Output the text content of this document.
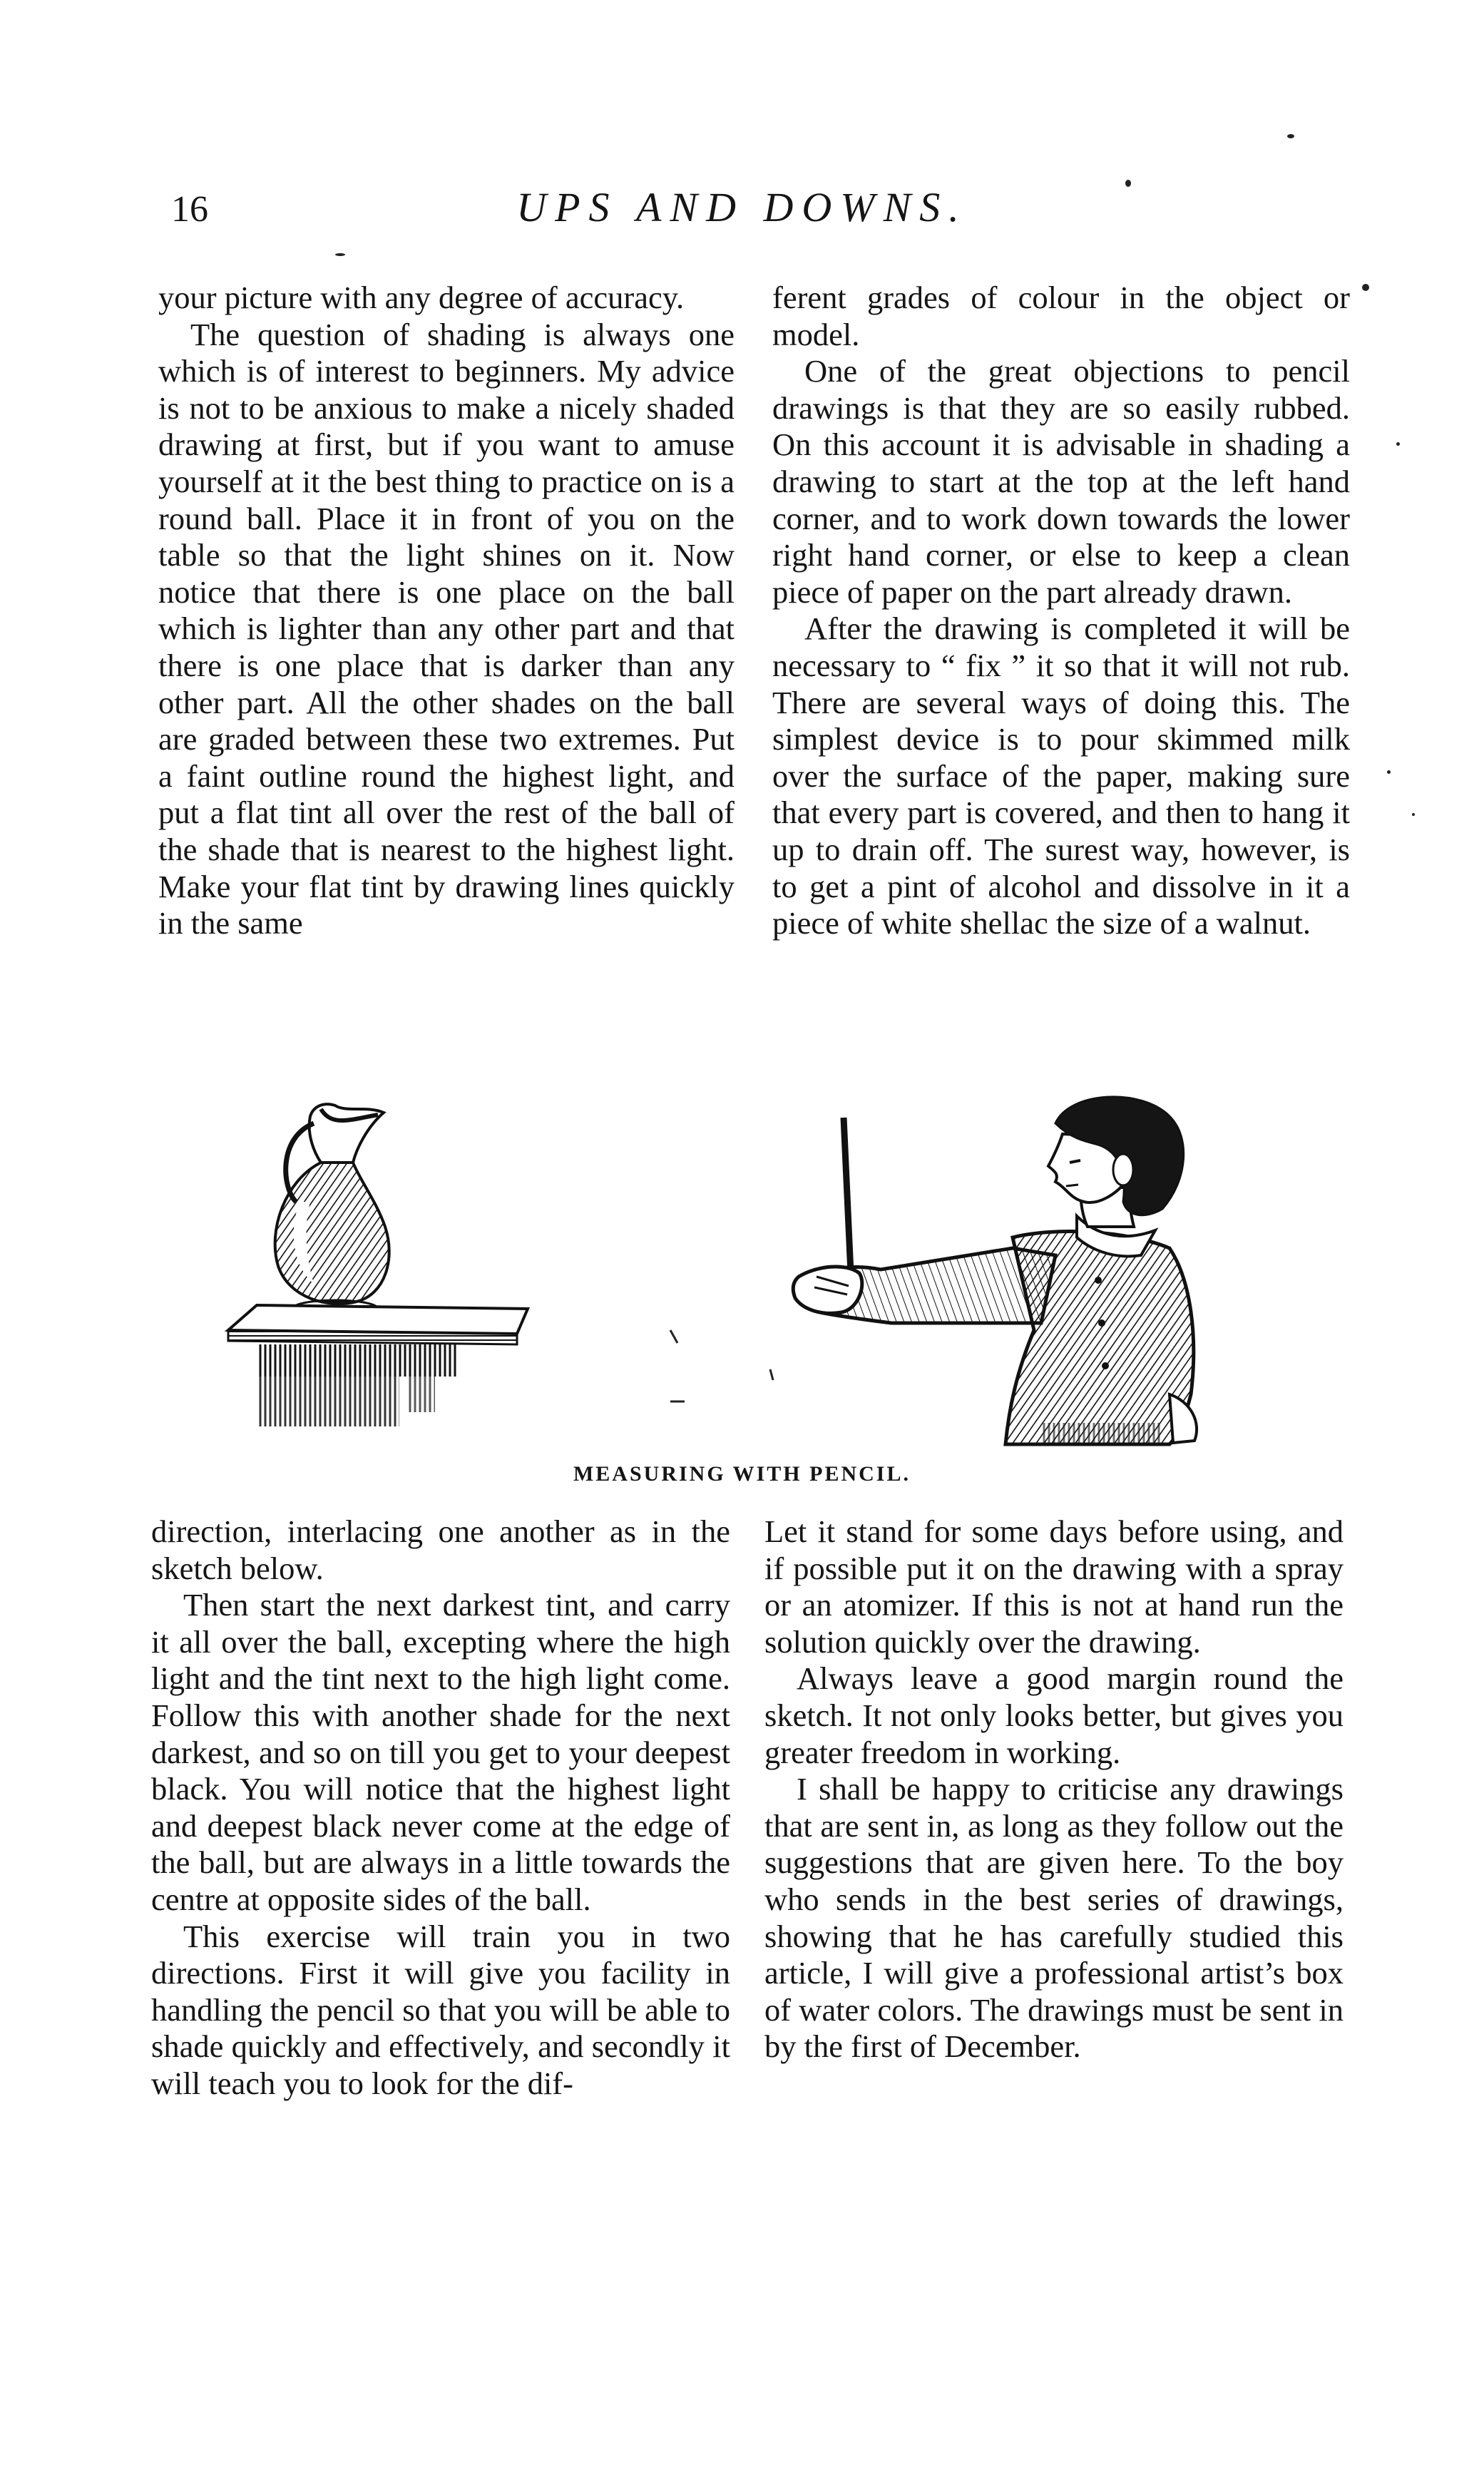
16	UPS AND DOWNS.

your picture with any degree of accuracy.

The question of shading is always one which is of interest to beginners. My advice is not to be anxious to make a nicely shaded drawing at first, but if you want to amuse yourself at it the best thing to practice on is a round ball. Place it in front of you on the table so that the light shines on it. Now notice that there is one place on the ball which is lighter than any other part and that there is one place that is darker than any other part. All the other shades on the ball are graded between these two extremes. Put a faint outline round the highest light, and put a flat tint all over the rest of the ball of the shade that is nearest to the highest light. Make your flat tint by drawing lines quickly in the same

ferent grades of colour in the object or model.

One of the great objections to pencil drawings is that they are so easily rubbed. On this account it is advisable in shading a drawing to start at the top at the left hand corner, and to work down towards the lower right hand corner, or else to keep a clean piece of paper on the part already drawn.

After the drawing is completed it will be necessary to “ fix ” it so that it will not rub. There are several ways of doing this. The simplest device is to pour skimmed milk over the surface of the paper, making sure that every part is covered, and then to hang it up to drain off. The surest way, however, is to get a pint of alcohol and dissolve in it a piece of white shellac the size of a walnut.

MEASURING WITH PENCIL.

direction, interlacing one another as in the sketch below.

Then start the next darkest tint, and carry it all over the ball, excepting where the high light and the tint next to the high light come. Follow this with another shade for the next darkest, and so on till you get to your deepest black. You will notice that the highest light and deepest black never come at the edge of the ball, but are always in a little towards the centre at opposite sides of the ball.

This exercise will train you in two directions. First it will give you facility in handling the pencil so that you will be able to shade quickly and effectively, and secondly it will teach you to look for the dif-

Let it stand for some days before using, and if possible put it on the drawing with a spray or an atomizer. If this is not at hand run the solution quickly over the drawing.

Always leave a good margin round the sketch. It not only looks better, but gives you greater freedom in working.

I shall be happy to criticise any drawings that are sent in, as long as they follow out the suggestions that are given here. To the boy who sends in the best series of drawings, showing that he has carefully studied this article, I will give a professional artist’s box of water colors. The drawings must be sent in by the first of December.
